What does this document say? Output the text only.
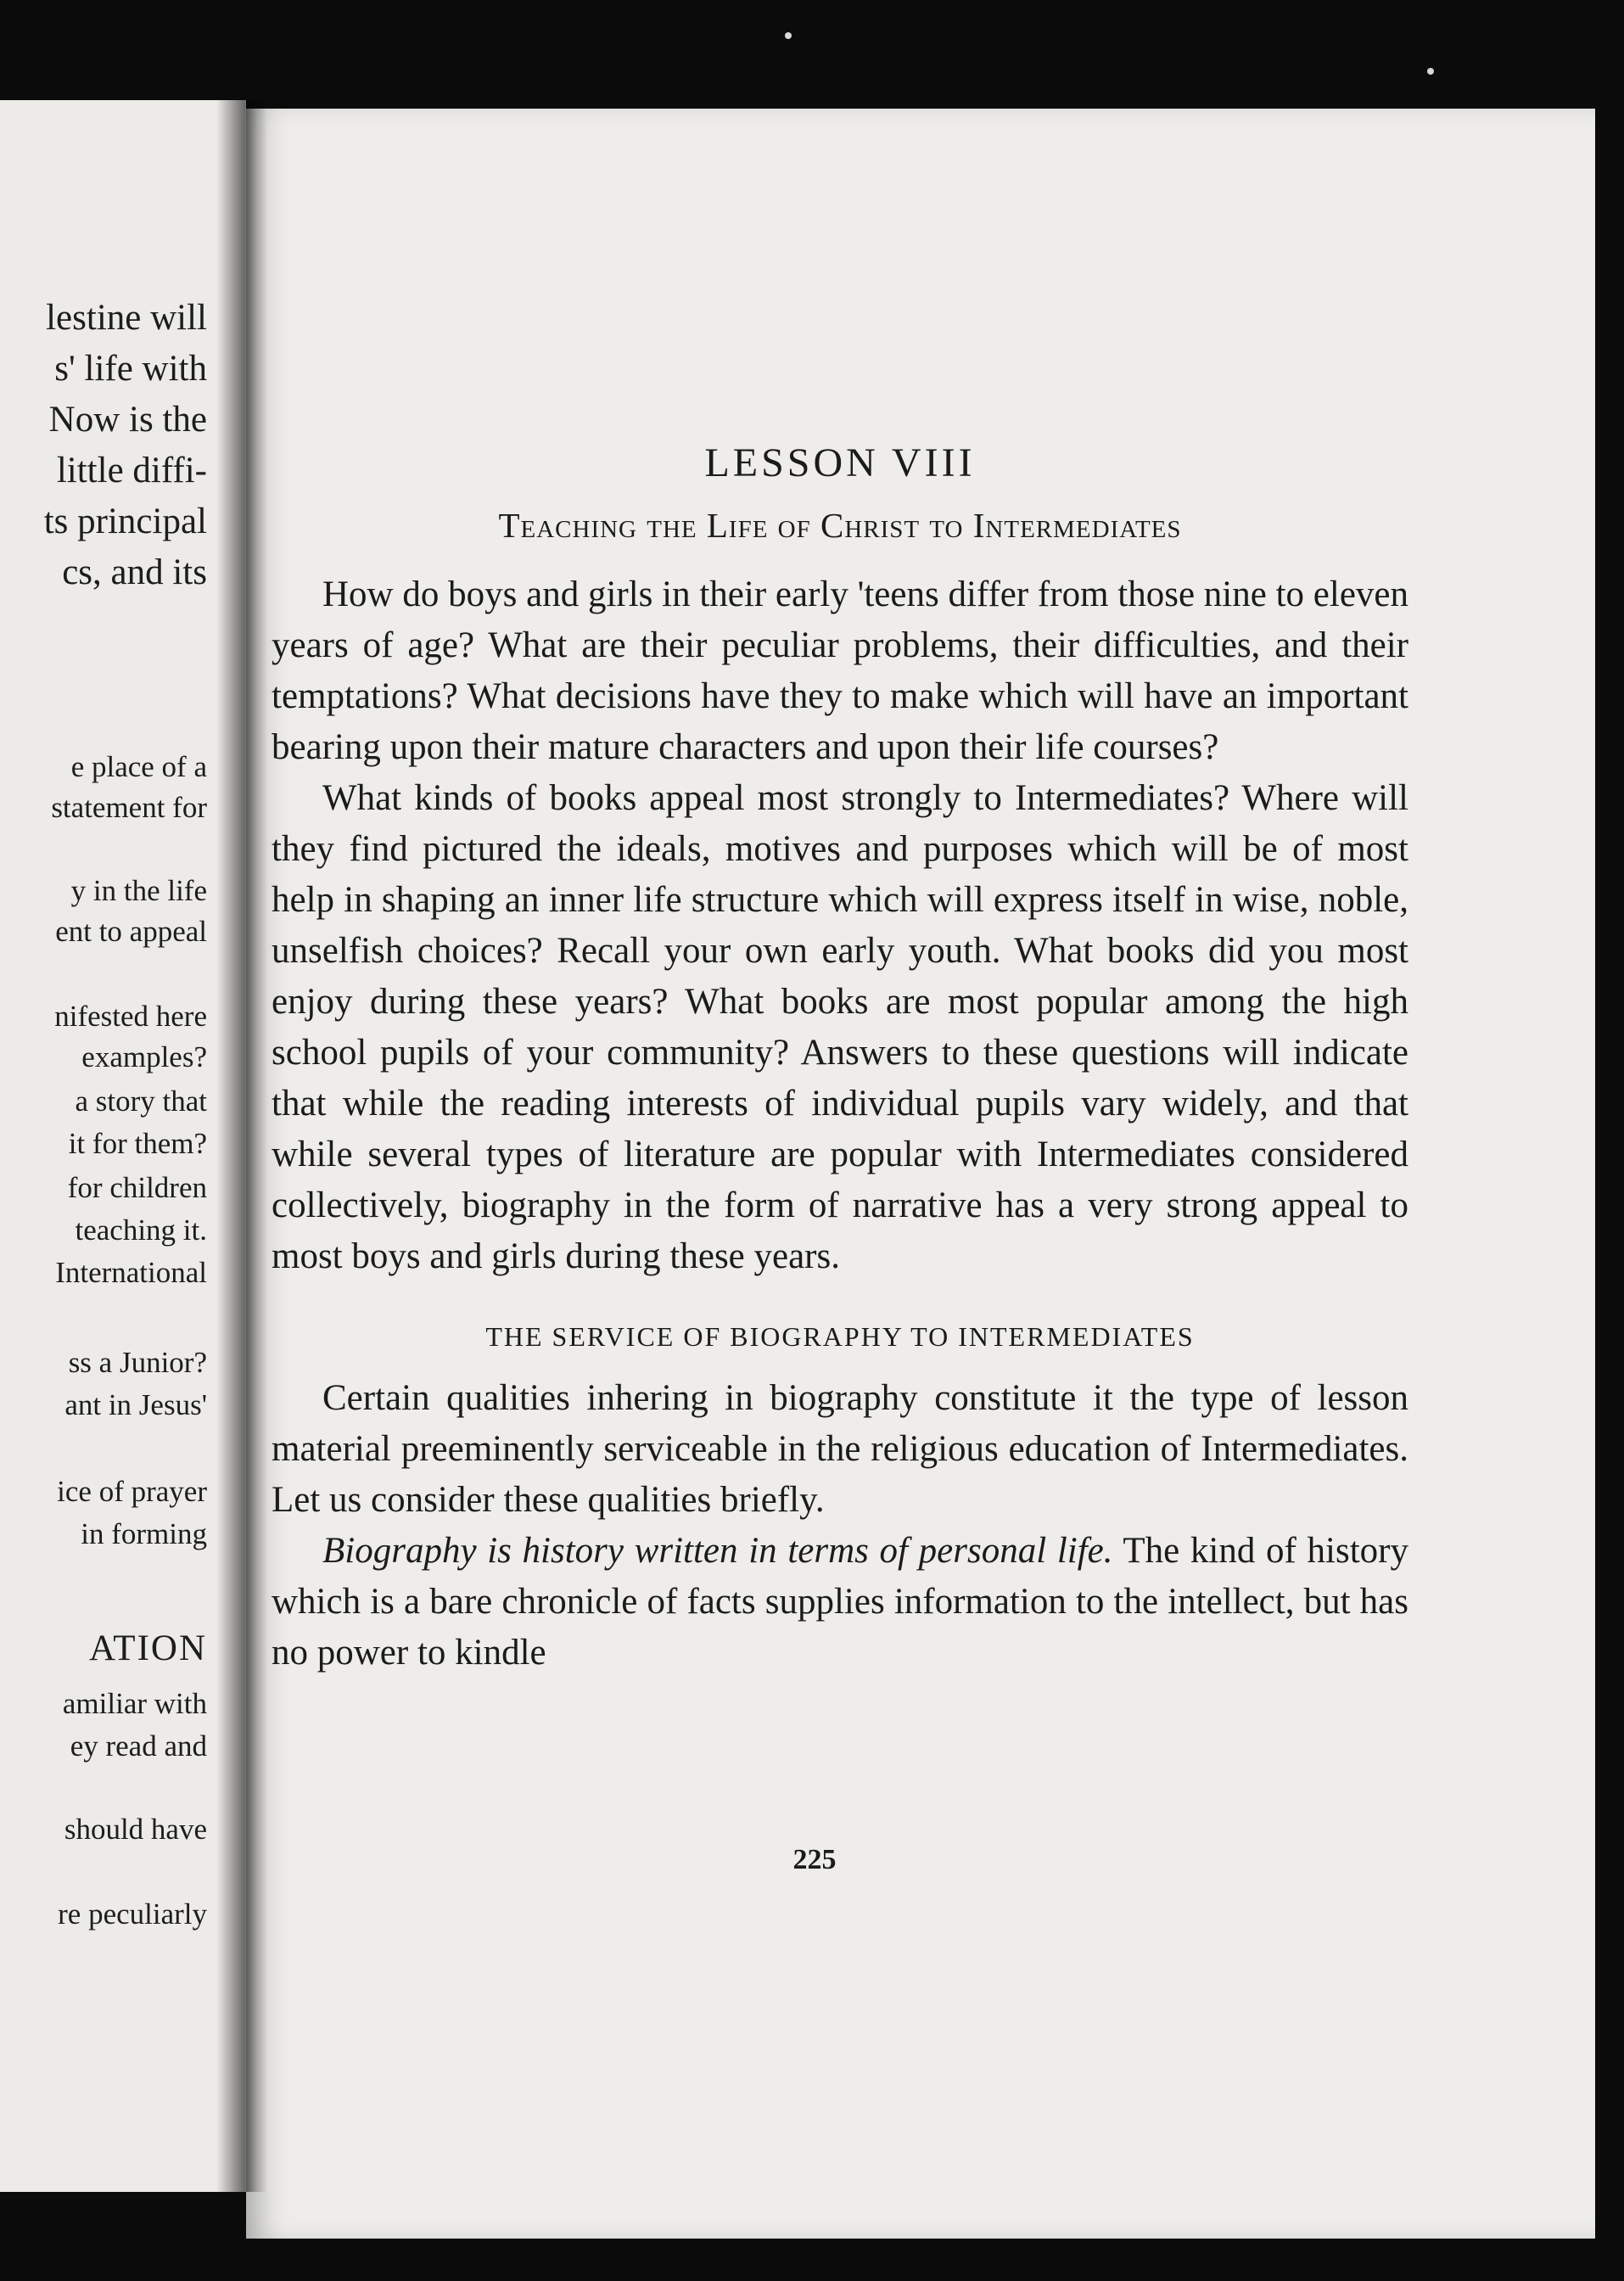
lestine will
s' life with
Now is the
little diffi-
ts principal
cs, and its
e place of a
statement for
y in the life
ent to appeal
nifested here
examples?
a story that
it for them?
for children
teaching it.
International
ss a Junior?
ant in Jesus'
ice of prayer
in forming
ATION
amiliar with
ey read and
should have
re peculiarly
LESSON VIII
Teaching the Life of Christ to Intermediates

How do boys and girls in their early 'teens differ from those nine to eleven years of age? What are their peculiar problems, their difficulties, and their temptations? What decisions have they to make which will have an important bearing upon their mature characters and upon their life courses?

What kinds of books appeal most strongly to Intermediates? Where will they find pictured the ideals, motives and purposes which will be of most help in shaping an inner life structure which will express itself in wise, noble, unselfish choices? Recall your own early youth. What books did you most enjoy during these years? What books are most popular among the high school pupils of your community? Answers to these questions will indicate that while the reading interests of individual pupils vary widely, and that while several types of literature are popular with Intermediates considered collectively, biography in the form of narrative has a very strong appeal to most boys and girls during these years.

THE SERVICE OF BIOGRAPHY TO INTERMEDIATES

Certain qualities inhering in biography constitute it the type of lesson material preeminently serviceable in the religious education of Intermediates. Let us consider these qualities briefly.

Biography is history written in terms of personal life. The kind of history which is a bare chronicle of facts supplies information to the intellect, but has no power to kindle

225
